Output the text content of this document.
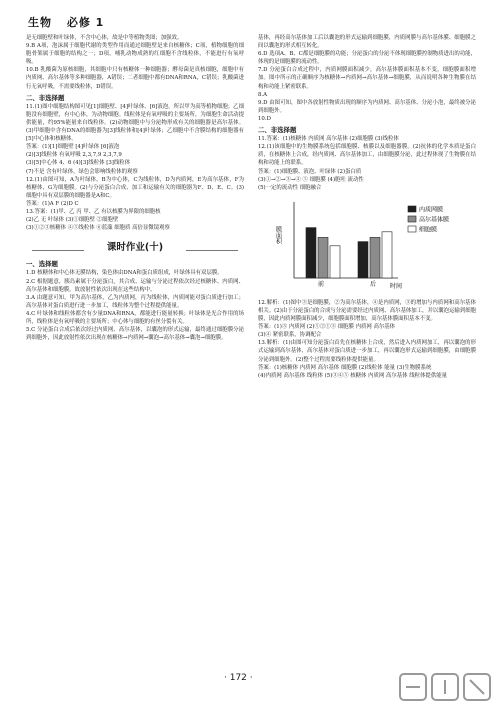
生物 必修 1

是无细胞壁和叶绿体，不含中心体，故是中等植物类图；加强效。

9.B A项，泡沫属于细胞代谢的类型作用而通过细胞壁是来自核糖体；C项，植物细胞的细胞骨架属于细胞的结构之一；D项，哺乳动物成熟的红细胞不含线粒体，不能进行有氧呼吸。

10.B 乳酸菌为原核细胞，其细胞中只有核糖体一种细胞器；酵母菌是真核细胞，细胞中有内质网、高尔基体等多种细胞器，A错误；二者细胞中都有DNA和RNA，C错误；乳酸菌进行无氧呼吸，不需要线粒体，D错误。

二、非选择题

11.(1)图中细胞结构图可见[1]细胞壁、[4]叶绿体、[6]液泡，所以甲为高等植物细胞；乙细胞没有细胞壁，有中心体，为动物细胞。线粒体是有氧呼吸的主要场所，为细胞生命活动提供能量，约95%能量来自线粒体。(2)动物细胞中与分泌物形成有关的细胞器是高尔基体。(3)甲细胞中含有DNA的细胞器为[3]线粒体和[4]叶绿体；乙细胞中不含膜结构的细胞器有[5]中心体和核糖体。

答案：(1)[1]细胞壁 [4]叶绿体 [6]液泡

(2)[3]线粒体 有氧呼吸 2,3,7,9 2,3,7,9

(3)[5]中心体 4、6 (4)[3]线粒体 [3]线粒体

(7)不是 含有叶绿体，绿色会影响线粒体的观察

12.(1)由图可知，A为叶绿体，B为中心体，C为线粒体，D为内质网，E为高尔基体，F为核糖体，G为细胞膜。(2)与分泌蛋白合成、加工和运输有关的细胞器为F、D、E、C。(3)细胞中具有双层膜的细胞器是A和C。

答案：(1)A F (2)D C

13.答案：(1)甲、乙 丙 甲、乙 有以核膜为界限的细胞核

(2)乙 无 叶绿体 (3)①细胞壁 ②细胞壁

(3)①②③核糖体 ④⑤线粒体 ⑥蓝藻 细胞质 高倍显微镜观察

课时作业(十)
一、选择题

1.D 核糖体和中心体无膜结构，染色体由DNA和蛋白质组成，叶绿体具有双层膜。

2.C 根据题意，胰岛素属于分泌蛋白，其合成、运输与分泌过程依次经过核糖体、内质网、高尔基体和细胞膜，故放射性依次出现在这些结构中。

3.A 由题意可知，甲为高尔基体，乙为内质网，丙为线粒体，内质网能对蛋白质进行加工；高尔基体对蛋白质进行进一步加工，线粒体为整个过程提供能量。

4.C 叶绿体和线粒体都含有少量DNA和RNA，都能进行能量转换；叶绿体是光合作用的场所，线粒体是有氧呼吸的主要场所；中心体与细胞的有丝分裂有关。

5.C 分泌蛋白合成后依次经过内质网、高尔基体，以囊泡的形式运输，最终通过细胞膜分泌到细胞外，因此放射性依次出现在核糖体→内质网→囊泡→高尔基体→囊泡→细胞膜。

基体，再经高尔基体加工后以囊泡的形式运输到细胞膜，内质网膜与高尔基体膜、细胞膜之间以囊泡的形式相互转化。

6.D 选项A、B、C都是细胞膜的功能；分泌蛋白的分泌不体现细胞膜控制物质进出的功能，体现的是细胞膜的流动性。

7.D 分泌蛋白合成过程中，内质网膜面积减少，高尔基体膜面积基本不变，细胞膜面积增加。图中所示的正确顺序为核糖体→内质网→高尔基体→细胞膜，从而说明各种生物膜在结构和功能上紧密联系。

8.A

9.D 由图可知，图中各放射性物质出现的顺序为内质网、高尔基体、分泌小泡，最终被分泌到细胞外。

10.D

二、非选择题

11.答案：(1)核糖体 内质网 高尔基体 (2)细胞膜 (3)线粒体

12.(1)该细胞中的生物膜系统包括细胞膜、核膜以及细胞器膜。(2)抗体的化学本质是蛋白质，在核糖体上合成，经内质网、高尔基体加工，由细胞膜分泌，此过程体现了生物膜在结构和功能上的联系。

答案：(1)细胞膜、液泡、叶绿体 (2)蛋白质

(3)①→②→③→④ ⑤ 细胞膜 (4)胞吐 流动性

(5)一定的流动性 细胞融合

膜面积
时间
前	后
内质网膜
高尔基体膜
细胞膜

12.解析：(1)图中③是细胞膜，②为高尔基体，④是内质网，③的增加与内质网和高尔基体相关。(2)由于分泌蛋白的合成与分泌需要经过内质网、高尔基体加工，并以囊泡运输到细胞膜，因此内质网膜面积减少，细胞膜面积增加，高尔基体膜面积基本不变。

答案：(1)③ 内质网 (2)⑤②①③ 细胞膜 内质网 高尔基体

(3)④ 紧密联系，协调配合

13.解析：(1)由图可知分泌蛋白首先在核糖体上合成，然后进入内质网加工，再以囊泡的形式运输到高尔基体，高尔基体对蛋白质进一步加工，再以囊泡形式运输到细胞膜，由细胞膜分泌到细胞外。(2)整个过程需要线粒体提供能量。

答案：(1)核糖体 内质网 高尔基体 细胞膜 (2)线粒体 能量 (3)生物膜系统

(4)内质网 高尔基体 线粒体 (5)③④⑤ 核糖体 内质网 高尔基体 线粒体提供能量

· 172 ·
